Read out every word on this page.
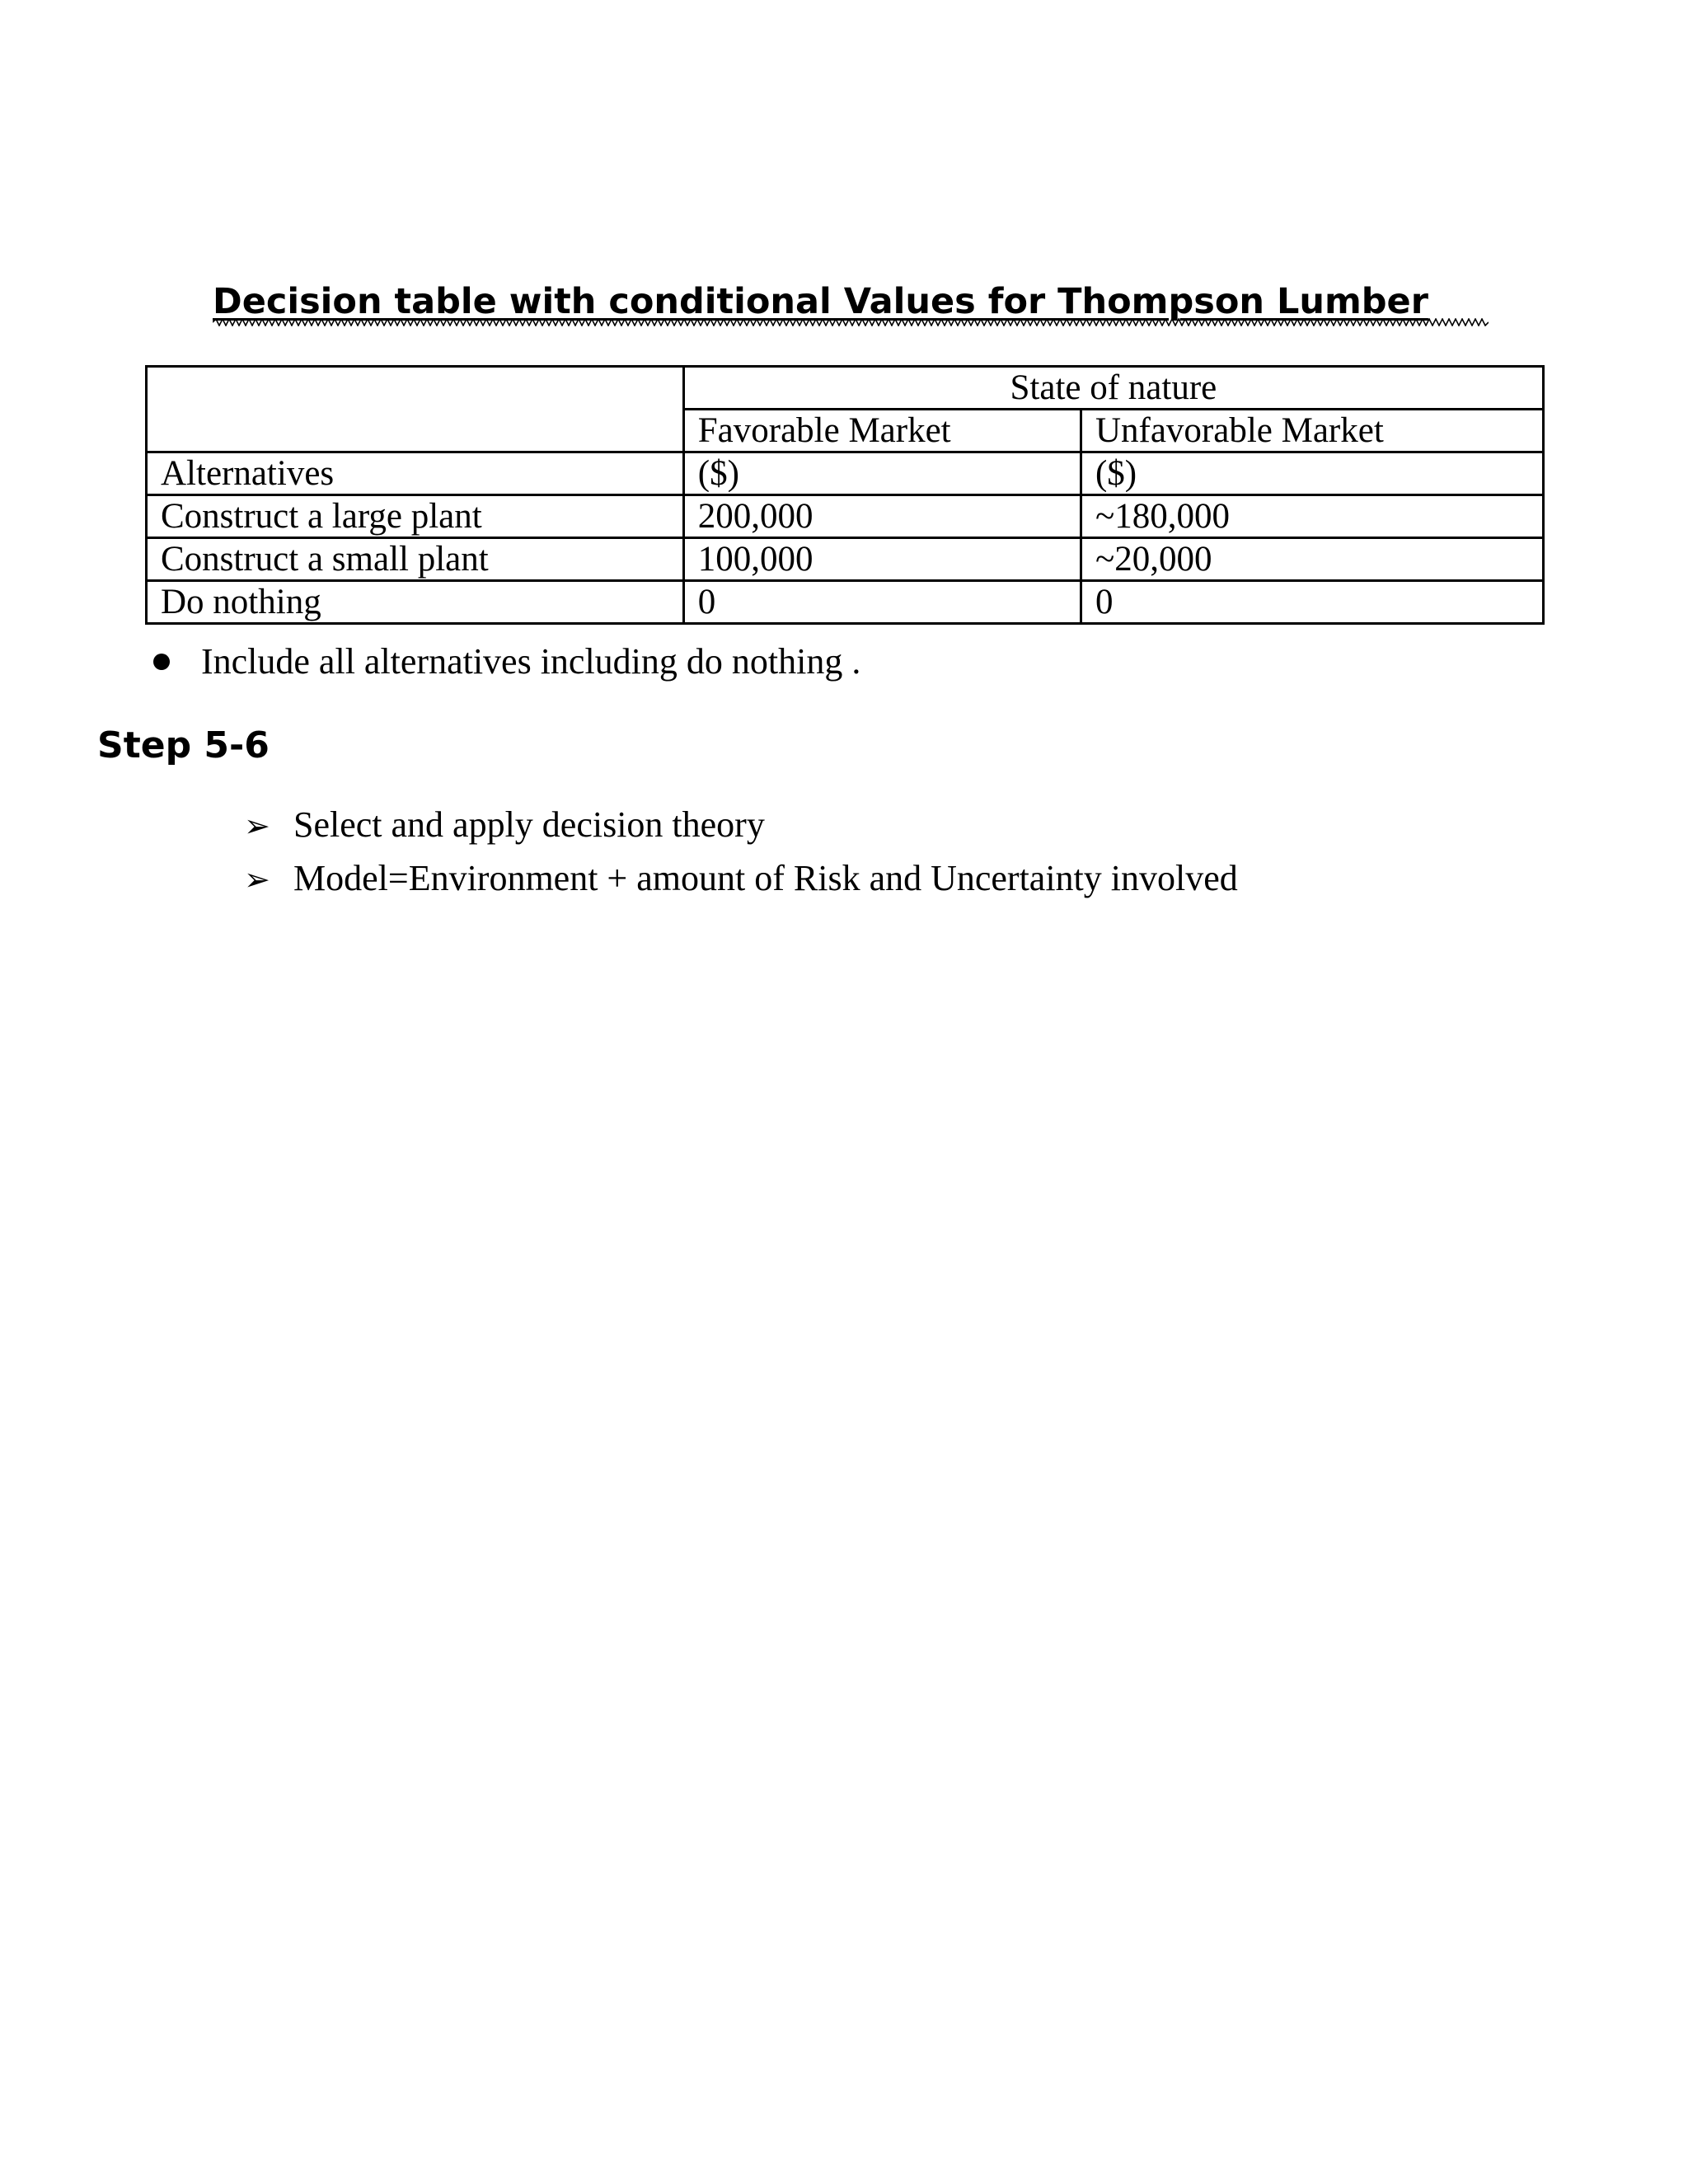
Decision table with conditional Values for Thompson Lumber
	State of nature	
	Favorable Market	Unfavorable Market
Alternatives	($)	($)
Construct a large plant	200,000	~180,000
Construct a small plant	100,000	~20,000
Do nothing	0	0
Include all alternatives including do nothing .
Step 5-6
➢ Select and apply decision theory
➢ Model=Environment + amount of Risk and Uncertainty involved
